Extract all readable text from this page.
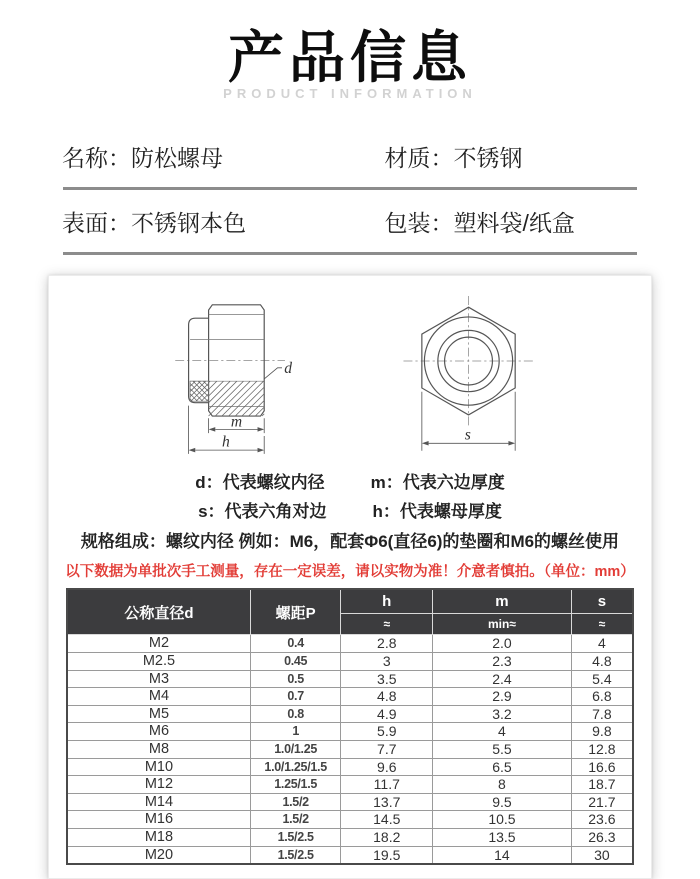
产品信息
PRODUCT INFORMATION
名称：防松螺母	材质：不锈钢
表面：不锈钢本色	包装：塑料袋/纸盒
d
m
h	s
d：代表螺纹内径	m：代表六边厚度
s：代表六角对边	h：代表螺母厚度
规格组成：螺纹内径 例如：M6，配套Φ6(直径6)的垫圈和M6的螺丝使用
以下数据为单批次手工测量，存在一定误差，请以实物为准！介意者慎拍。（单位：mm）
公称直径d	螺距P	h	m	s
		≈	min≈	≈
M2	0.4	2.8	2.0	4
M2.5	0.45	3	2.3	4.8
M3	0.5	3.5	2.4	5.4
M4	0.7	4.8	2.9	6.8
M5	0.8	4.9	3.2	7.8
M6	1	5.9	4	9.8
M8	1.0/1.25	7.7	5.5	12.8
M10	1.0/1.25/1.5	9.6	6.5	16.6
M12	1.25/1.5	11.7	8	18.7
M14	1.5/2	13.7	9.5	21.7
M16	1.5/2	14.5	10.5	23.6
M18	1.5/2.5	18.2	13.5	26.3
M20	1.5/2.5	19.5	14	30
